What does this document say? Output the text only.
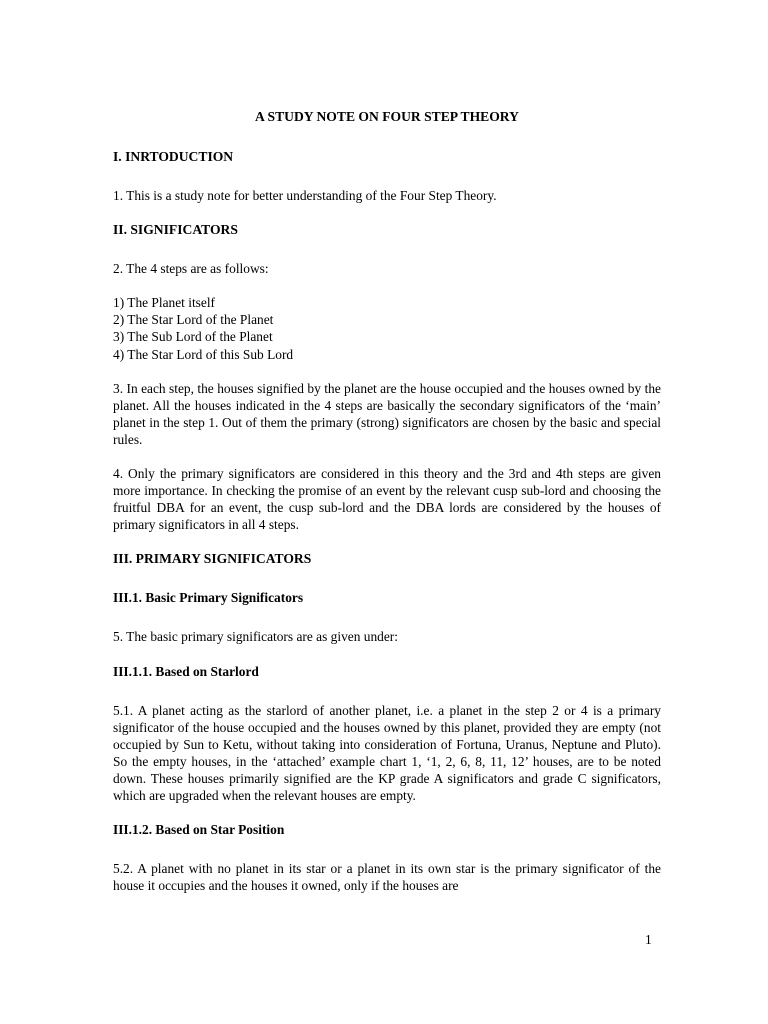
A STUDY NOTE ON FOUR STEP THEORY
I. INRTODUCTION

1. This is a study note for better understanding of the Four Step Theory.

II. SIGNIFICATORS

2. The 4 steps are as follows:

1) The Planet itself
2) The Star Lord of the Planet
3) The Sub Lord of the Planet
4) The Star Lord of this Sub Lord

3. In each step, the houses signified by the planet are the house occupied and the houses owned by the planet. All the houses indicated in the 4 steps are basically the secondary significators of the ‘main’ planet in the step 1. Out of them the primary (strong) significators are chosen by the basic and special rules.

4. Only the primary significators are considered in this theory and the 3rd and 4th steps are given more importance. In checking the promise of an event by the relevant cusp sub-lord and choosing the fruitful DBA for an event, the cusp sub-lord and the DBA lords are considered by the houses of primary significators in all 4 steps.

III. PRIMARY SIGNIFICATORS
III.1. Basic Primary Significators

5. The basic primary significators are as given under:

III.1.1. Based on Starlord

5.1. A planet acting as the starlord of another planet, i.e. a planet in the step 2 or 4 is a primary significator of the house occupied and the houses owned by this planet, provided they are empty (not occupied by Sun to Ketu, without taking into consideration of Fortuna, Uranus, Neptune and Pluto). So the empty houses, in the ‘attached’ example chart 1, ‘1, 2, 6, 8, 11, 12’ houses, are to be noted down. These houses primarily signified are the KP grade A significators and grade C significators, which are upgraded when the relevant houses are empty.

III.1.2. Based on Star Position

5.2. A planet with no planet in its star or a planet in its own star is the primary significator of the house it occupies and the houses it owned, only if the houses are

1
